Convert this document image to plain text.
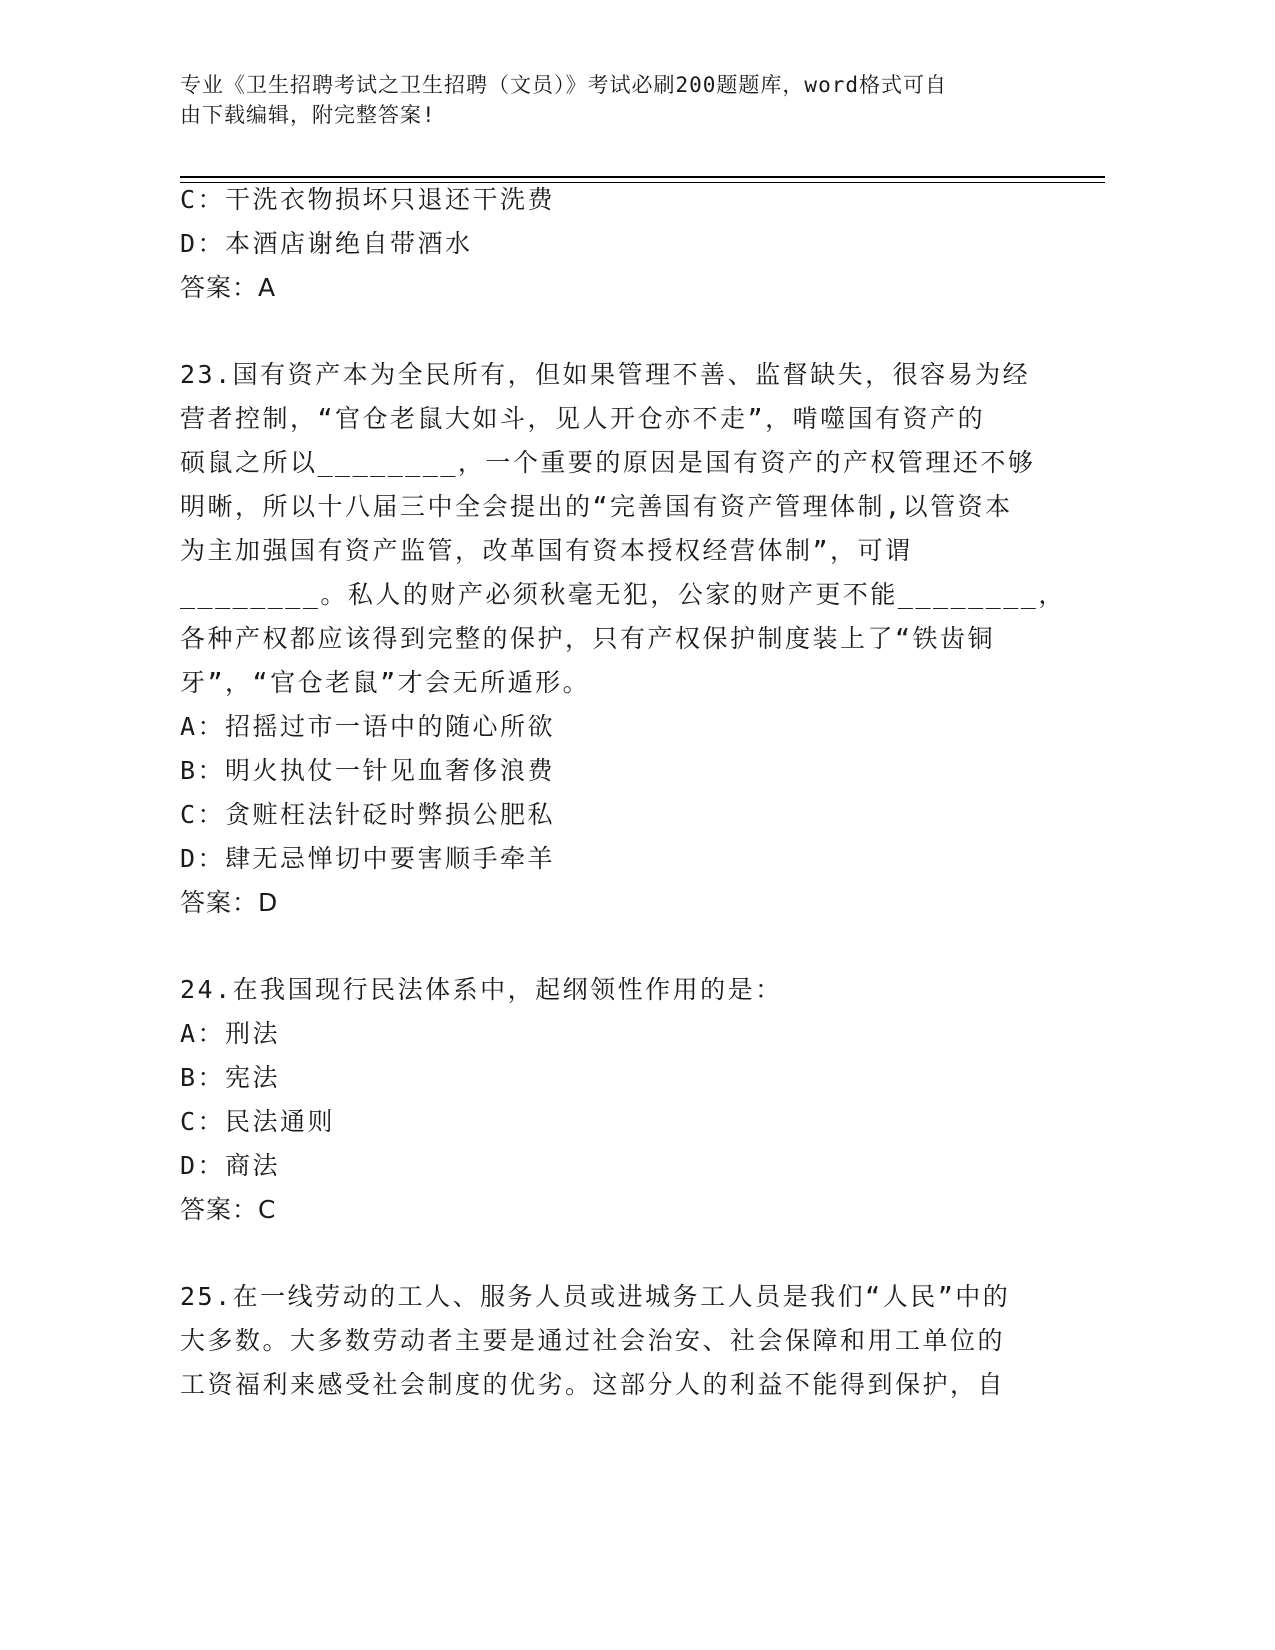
专业《卫生招聘考试之卫生招聘（文员）》考试必刷200题题库，word格式可自
由下载编辑，附完整答案!
C：干洗衣物损坏只退还干洗费
D：本酒店谢绝自带酒水
答案：A
23.国有资产本为全民所有，但如果管理不善、监督缺失，很容易为经
营者控制，“官仓老鼠大如斗，见人开仓亦不走”，啃噬国有资产的
硕鼠之所以________，一个重要的原因是国有资产的产权管理还不够
明晰，所以十八届三中全会提出的“完善国有资产管理体制,以管资本
为主加强国有资产监管，改革国有资本授权经营体制”，可谓
________。私人的财产必须秋毫无犯，公家的财产更不能________，
各种产权都应该得到完整的保护，只有产权保护制度装上了“铁齿铜
牙”，“官仓老鼠”才会无所遁形。
A：招摇过市一语中的随心所欲
B：明火执仗一针见血奢侈浪费
C：贪赃枉法针砭时弊损公肥私
D：肆无忌惮切中要害顺手牵羊
答案：D
24.在我国现行民法体系中，起纲领性作用的是：
A：刑法
B：宪法
C：民法通则
D：商法
答案：C
25.在一线劳动的工人、服务人员或进城务工人员是我们“人民”中的
大多数。大多数劳动者主要是通过社会治安、社会保障和用工单位的
工资福利来感受社会制度的优劣。这部分人的利益不能得到保护，自
